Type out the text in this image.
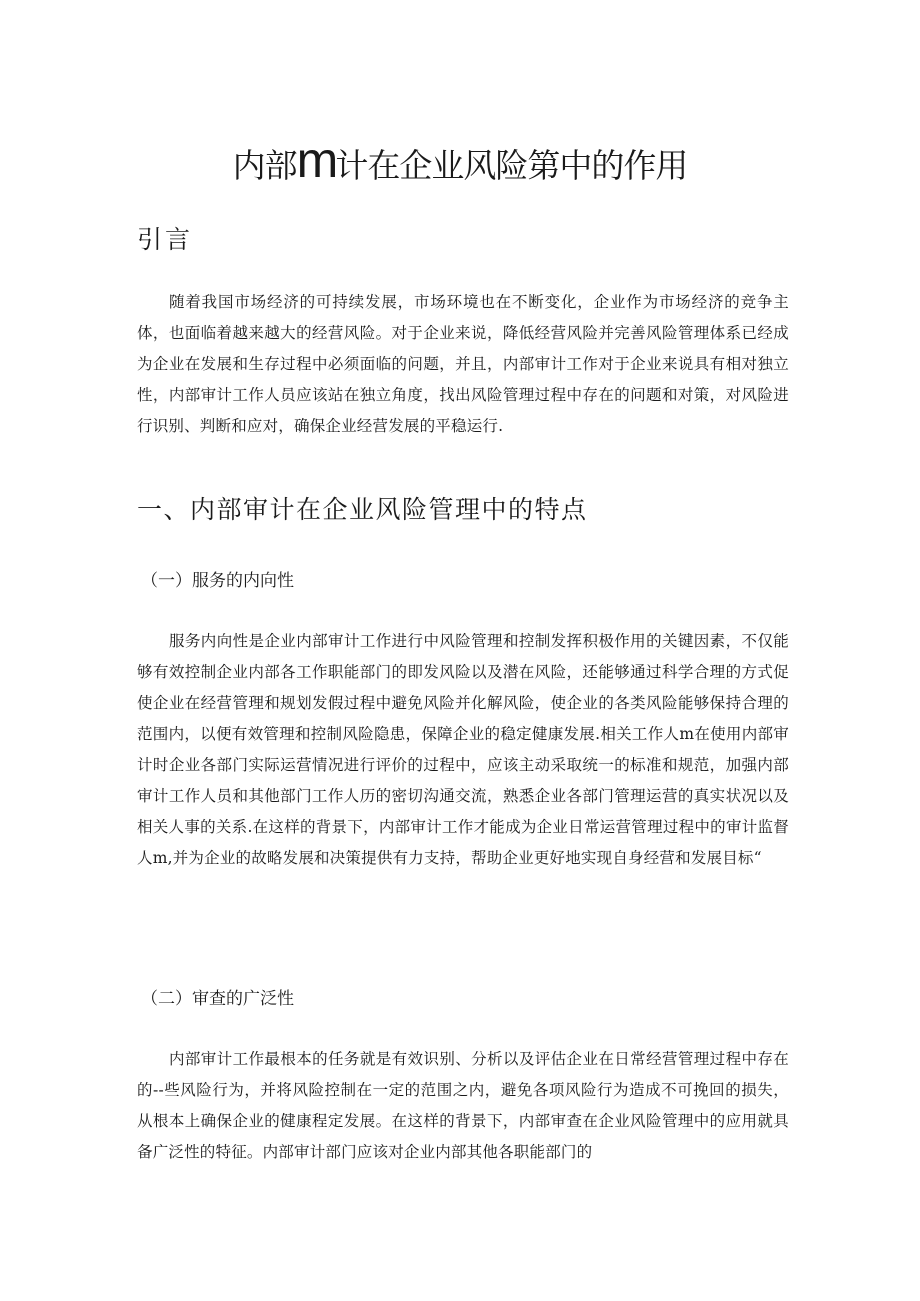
内部m计在企业风险第中的作用
引言

随着我国市场经济的可持续发展，市场环境也在不断变化，企业作为市场经济的竞争主体，也面临着越来越大的经营风险。对于企业来说，降低经营风险并完善风险管理体系已经成为企业在发展和生存过程中必须面临的问题，并且，内部审计工作对于企业来说具有相对独立性，内部审计工作人员应该站在独立角度，找出风险管理过程中存在的问题和对策，对风险进行识别、判断和应对，确保企业经营发展的平稳运行.

一、内部审计在企业风险管理中的特点
（一）服务的内向性

服务内向性是企业内部审计工作进行中风险管理和控制发挥积极作用的关键因素，不仅能够有效控制企业内部各工作职能部门的即发风险以及潜在风险，还能够通过科学合理的方式促使企业在经营管理和规划发假过程中避免风险并化解风险，使企业的各类风险能够保持合理的范围内，以便有效管理和控制风险隐患，保障企业的稳定健康发展.相关工作人m在使用内部审计时企业各部门实际运营情况进行评价的过程中，应该主动采取统一的标准和规范，加强内部审计工作人员和其他部门工作人历的密切沟通交流，熟悉企业各部门管理运营的真实状况以及相关人事的关系.在这样的背景下，内部审计工作才能成为企业日常运营管理过程中的审计监督人m,并为企业的故略发展和决策提供有力支持，帮助企业更好地实现自身经营和发展目标“

（二）审查的广泛性

内部审计工作最根本的任务就是有效识别、分析以及评估企业在日常经营管理过程中存在的--些风险行为，并将风险控制在一定的范围之内，避免各项风险行为造成不可挽回的损失，从根本上确保企业的健康程定发展。在这样的背景下，内部审查在企业风险管理中的应用就具备广泛性的特征。内部审计部门应该对企业内部其他各职能部门的
